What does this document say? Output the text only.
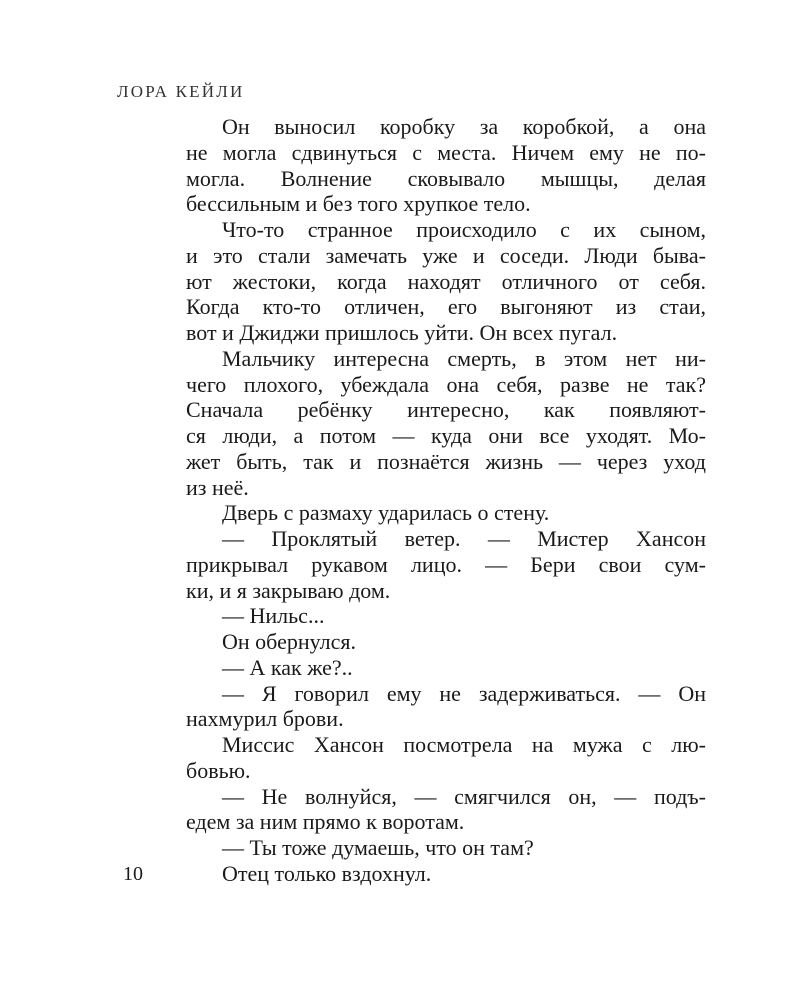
ЛОРА КЕЙЛИ

Он выносил коробку за коробкой, а она
не могла сдвинуться с места. Ничем ему не по-
могла. Волнение сковывало мышцы, делая
бессильным и без того хрупкое тело.
Что-то странное происходило с их сыном,
и это стали замечать уже и соседи. Люди быва-
ют жестоки, когда находят отличного от себя.
Когда кто-то отличен, его выгоняют из стаи,
вот и Джиджи пришлось уйти. Он всех пугал.
Мальчику интересна смерть, в этом нет ни-
чего плохого, убеждала она себя, разве не так?
Сначала ребёнку интересно, как появляют-
ся люди, а потом — куда они все уходят. Мо-
жет быть, так и познаётся жизнь — через уход
из неё.
Дверь с размаху ударилась о стену.
— Проклятый ветер. — Мистер Хансон
прикрывал рукавом лицо. — Бери свои сум-
ки, и я закрываю дом.
— Нильс...
Он обернулся.
— А как же?..
— Я говорил ему не задерживаться. — Он
нахмурил брови.
Миссис Хансон посмотрела на мужа с лю-
бовью.
— Не волнуйся, — смягчился он, — подъ-
едем за ним прямо к воротам.
— Ты тоже думаешь, что он там?
Отец только вздохнул.

10
